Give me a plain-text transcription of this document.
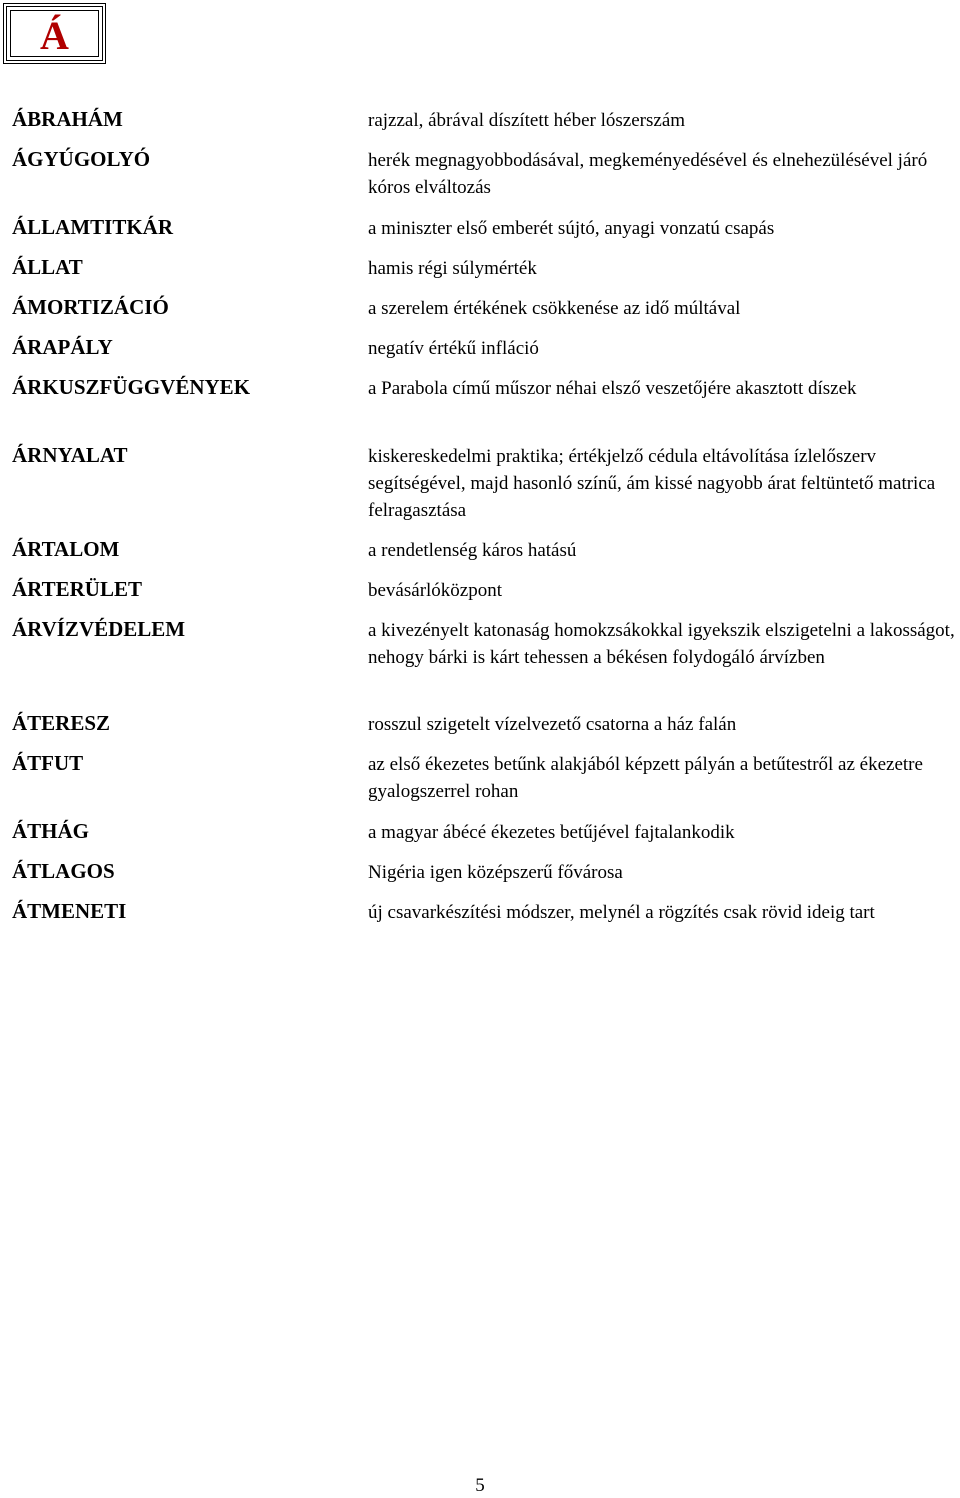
Á
ÁBRAHÁM	rajzzal, ábrával díszített héber lószerszám
ÁGYÚGOLYÓ	herék megnagyobbodásával, megkeményedésével és elnehezülésével járó kóros elváltozás
ÁLLAMTITKÁR	a miniszter első emberét sújtó, anyagi vonzatú csapás
ÁLLAT	hamis régi súlymérték
ÁMORTIZÁCIÓ	a szerelem értékének csökkenése az idő múltával
ÁRAPÁLY	negatív értékű infláció
ÁRKUSZFÜGGVÉNYEK	a Parabola című műszor néhai elsző veszetőjére akasztott díszek
ÁRNYALAT	kiskereskedelmi praktika; értékjelző cédula eltávolítása ízlelőszerv segítségével, majd hasonló színű, ám kissé nagyobb árat feltüntető matrica felragasztása
ÁRTALOM	a rendetlenség káros hatású
ÁRTERÜLET	bevásárlóközpont
ÁRVÍZVÉDELEM	a kivezényelt katonaság homokzsákokkal igyekszik elszigetelni a lakosságot, nehogy bárki is kárt tehessen a békésen folydogáló árvízben
ÁTERESZ	rosszul szigetelt vízelvezető csatorna a ház falán
ÁTFUT	az első ékezetes betűnk alakjából képzett pályán a betűtestről az ékezetre gyalogszerrel rohan
ÁTHÁG	a magyar ábécé ékezetes betűjével fajtalankodik
ÁTLAGOS	Nigéria igen középszerű fővárosa
ÁTMENETI	új csavarkészítési módszer, melynél a rögzítés csak rövid ideig tart
5
